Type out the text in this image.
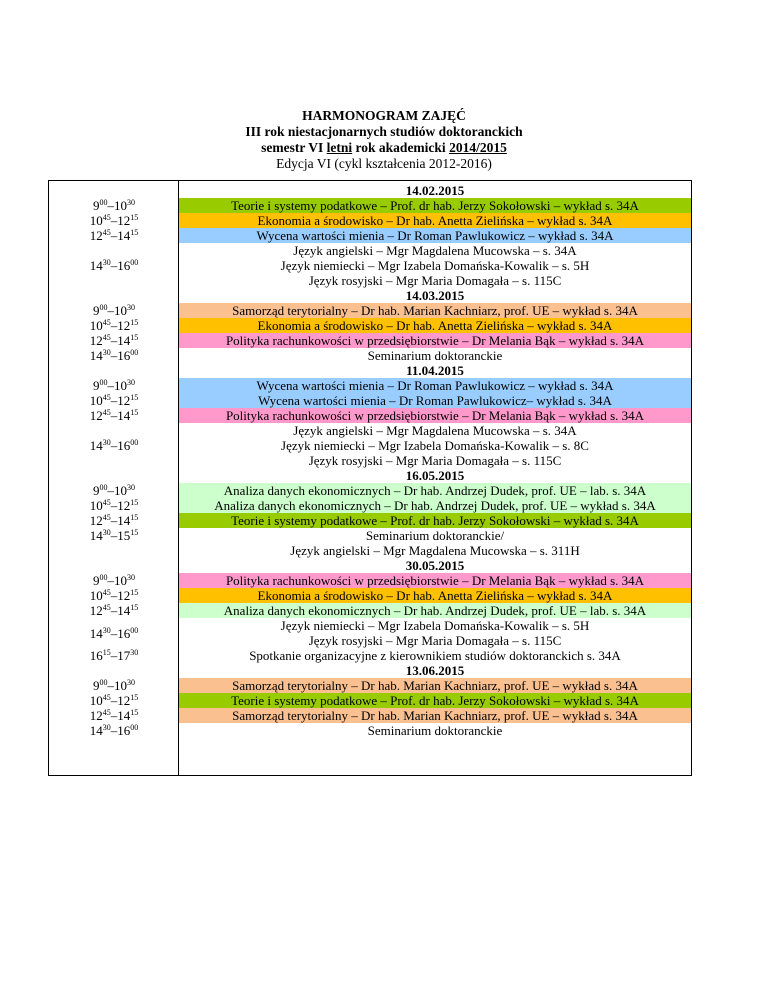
HARMONOGRAM ZAJĘĆ
III rok niestacjonarnych studiów doktoranckich
semestr VI letni rok akademicki 2014/2015
Edycja VI (cykl kształcenia 2012-2016)
$9^{00}-10^{30}$
$10^{45}-12^{15}$
$12^{45}-14^{15}$
$14^{30}-16^{00}$
$9^{00}-10^{30}$
$10^{45}-12^{15}$
$12^{45}-14^{15}$
$14^{30}-16^{00}$
$9^{00}-10^{30}$
$10^{45}-12^{15}$
$12^{45}-14^{15}$
$14^{30}-16^{00}$
$9^{00}-10^{30}$
$10^{45}-12^{15}$
$12^{45}-14^{15}$
$14^{30}-15^{15}$
$9^{00}-10^{30}$
$10^{45}-12^{15}$
$12^{45}-14^{15}$
$14^{30}-16^{00}$
$16^{15}-17^{30}$
$9^{00}-10^{30}$
$10^{45}-12^{15}$
$12^{45}-14^{15}$
$14^{30}-16^{00}$
14.02.2015
Teorie i systemy podatkowe – Prof. dr hab. Jerzy Sokołowski – wykład s. 34A
Ekonomia a środowisko – Dr hab. Anetta Zielińska – wykład s. 34A
Wycena wartości mienia – Dr Roman Pawlukowicz – wykład s. 34A
Język angielski – Mgr Magdalena Mucowska – s. 34A
Język niemiecki – Mgr Izabela Domańska-Kowalik – s. 5H
Język rosyjski – Mgr Maria Domagała – s. 115C
14.03.2015
Samorząd terytorialny – Dr hab. Marian Kachniarz, prof. UE – wykład s. 34A
Ekonomia a środowisko – Dr hab. Anetta Zielińska – wykład s. 34A
Polityka rachunkowości w przedsiębiorstwie – Dr Melania Bąk – wykład s. 34A
Seminarium doktoranckie
11.04.2015
Wycena wartości mienia – Dr Roman Pawlukowicz – wykład s. 34A
Wycena wartości mienia – Dr Roman Pawlukowicz– wykład s. 34A
Polityka rachunkowości w przedsiębiorstwie – Dr Melania Bąk – wykład s. 34A
Język angielski – Mgr Magdalena Mucowska – s. 34A
Język niemiecki – Mgr Izabela Domańska-Kowalik – s. 8C
Język rosyjski – Mgr Maria Domagała – s. 115C
16.05.2015
Analiza danych ekonomicznych – Dr hab. Andrzej Dudek, prof. UE – lab. s. 34A
Analiza danych ekonomicznych – Dr hab. Andrzej Dudek, prof. UE – wykład s. 34A
Teorie i systemy podatkowe – Prof. dr hab. Jerzy Sokołowski – wykład s. 34A
Seminarium doktoranckie/
Język angielski – Mgr Magdalena Mucowska – s. 311H
30.05.2015
Polityka rachunkowości w przedsiębiorstwie – Dr Melania Bąk – wykład s. 34A
Ekonomia a środowisko – Dr hab. Anetta Zielińska – wykład s. 34A
Analiza danych ekonomicznych – Dr hab. Andrzej Dudek, prof. UE – lab. s. 34A
Język niemiecki – Mgr Izabela Domańska-Kowalik – s. 5H
Język rosyjski – Mgr Maria Domagała – s. 115C
Spotkanie organizacyjne z kierownikiem studiów doktoranckich s. 34A
13.06.2015
Samorząd terytorialny – Dr hab. Marian Kachniarz, prof. UE – wykład s. 34A
Teorie i systemy podatkowe – Prof. dr hab. Jerzy Sokołowski – wykład s. 34A
Samorząd terytorialny – Dr hab. Marian Kachniarz, prof. UE – wykład s. 34A
Seminarium doktoranckie
